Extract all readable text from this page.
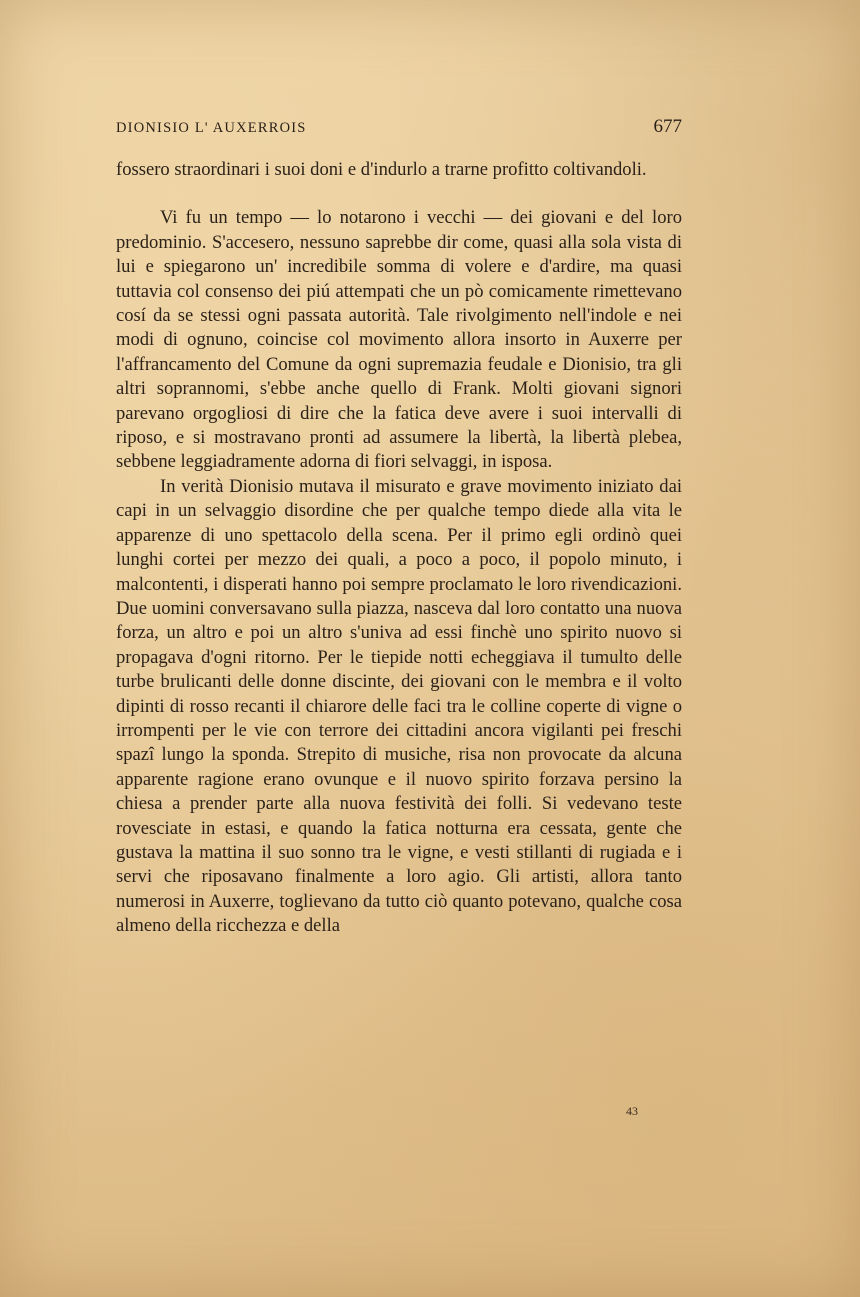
DIONISIO L' AUXERROIS	677

fossero straordinari i suoi doni e d'indurlo a trarne profitto coltivandoli.

Vi fu un tempo — lo notarono i vecchi — dei giovani e del loro predominio. S'accesero, nessuno saprebbe dir come, quasi alla sola vista di lui e spiegarono un' incredibile somma di volere e d'ardire, ma quasi tuttavia col consenso dei piú attempati che un pò comicamente rimettevano cosí da se stessi ogni passata autorità. Tale rivolgimento nell'indole e nei modi di ognuno, coincise col movimento allora insorto in Auxerre per l'affrancamento del Comune da ogni supremazia feudale e Dionisio, tra gli altri soprannomi, s'ebbe anche quello di Frank. Molti giovani signori parevano orgogliosi di dire che la fatica deve avere i suoi intervalli di riposo, e si mostravano pronti ad assumere la libertà, la libertà plebea, sebbene leggiadramente adorna di fiori selvaggi, in isposa.

In verità Dionisio mutava il misurato e grave movimento iniziato dai capi in un selvaggio disordine che per qualche tempo diede alla vita le apparenze di uno spettacolo della scena. Per il primo egli ordinò quei lunghi cortei per mezzo dei quali, a poco a poco, il popolo minuto, i malcontenti, i disperati hanno poi sempre proclamato le loro rivendicazioni. Due uomini conversavano sulla piazza, nasceva dal loro contatto una nuova forza, un altro e poi un altro s'univa ad essi finchè uno spirito nuovo si propagava d'ogni ritorno. Per le tiepide notti echeggiava il tumulto delle turbe brulicanti delle donne discinte, dei giovani con le membra e il volto dipinti di rosso recanti il chiarore delle faci tra le colline coperte di vigne o irrompenti per le vie con terrore dei cittadini ancora vigilanti pei freschi spazî lungo la sponda. Strepito di musiche, risa non provocate da alcuna apparente ragione erano ovunque e il nuovo spirito forzava persino la chiesa a prender parte alla nuova festività dei folli. Si vedevano teste rovesciate in estasi, e quando la fatica notturna era cessata, gente che gustava la mattina il suo sonno tra le vigne, e vesti stillanti di rugiada e i servi che riposavano finalmente a loro agio. Gli artisti, allora tanto numerosi in Auxerre, toglievano da tutto ciò quanto potevano, qualche cosa almeno della ricchezza e della

43
